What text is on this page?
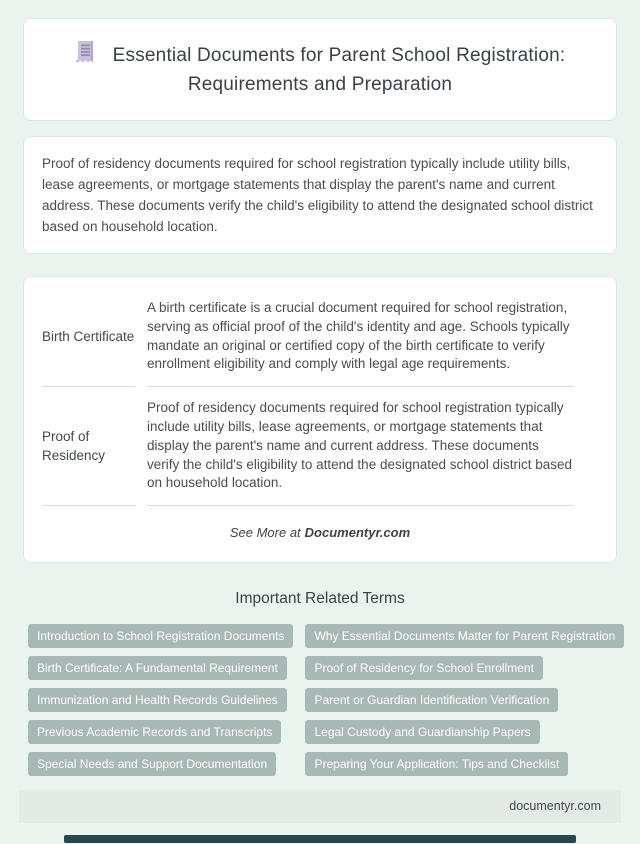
Essential Documents for Parent School Registration: Requirements and Preparation

Proof of residency documents required for school registration typically include utility bills, lease agreements, or mortgage statements that display the parent's name and current address. These documents verify the child's eligibility to attend the designated school district based on household location.

Birth Certificate	A birth certificate is a crucial document required for school registration, serving as official proof of the child's identity and age. Schools typically mandate an original or certified copy of the birth certificate to verify enrollment eligibility and comply with legal age requirements.
Proof of Residency	Proof of residency documents required for school registration typically include utility bills, lease agreements, or mortgage statements that display the parent's name and current address. These documents verify the child's eligibility to attend the designated school district based on household location.

See More at Documentyr.com

Important Related Terms
Introduction to School Registration Documents	Why Essential Documents Matter for Parent Registration
Birth Certificate: A Fundamental Requirement	Proof of Residency for School Enrollment
Immunization and Health Records Guidelines	Parent or Guardian Identification Verification
Previous Academic Records and Transcripts	Legal Custody and Guardianship Papers
Special Needs and Support Documentation	Preparing Your Application: Tips and Checklist
documentyr.com
